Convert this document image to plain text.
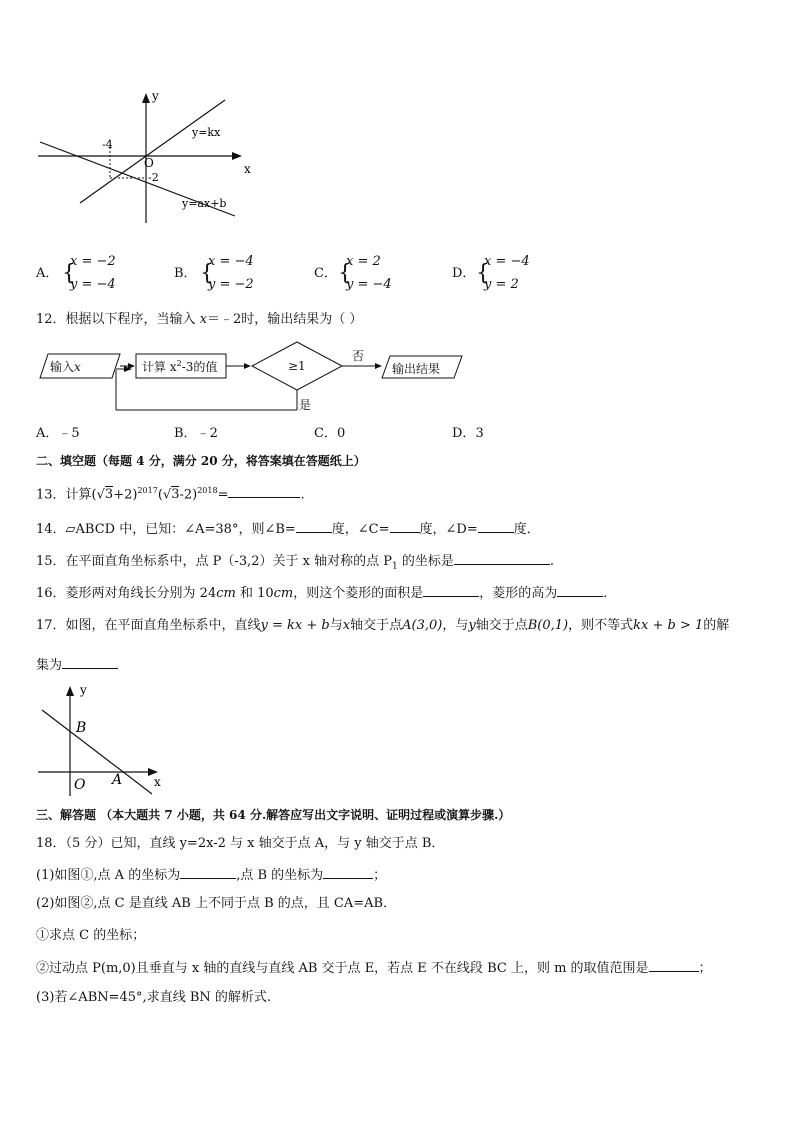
y
x
O
-4
-2
y=kx
y=ax+b
A． {
x = −2
y = −4
B． {
x = −4
y = −2
C． {
x = 2
y = −4
D． {
x = −4
y = 2
12．根据以下程序，当输入 x＝﹣2时，输出结果为（ ）
输入x	计算 $x^2-3$的值	≥1
否
是
输出结果
A．﹣5	B．﹣2	C．0	D．3
二、填空题（每题 4 分，满分 20 分，将答案填在答题纸上）
13．计算$(√3+2)^{2017}(√3-2)^{2018}=$	.
14．▱ABCD 中，已知：∠A=38°，则∠B=	度，∠C= 度，∠D=	度．
15．在平面直角坐标系中，点 P（-3,2）关于 x 轴对称的点 $P_1$ 的坐标是	.
16．菱形两对角线长分别为 24cm 和 10cm，则这个菱形的面积是	，菱形的高为	．
17．如图，在平面直角坐标系中，直线y = kx + b与x轴交于点A(3,0)，与y轴交于点B(0,1)，则不等式kx + b > 1的解
集为
y
x
B
O A
三、解答题 （本大题共 7 小题，共 64 分.解答应写出文字说明、证明过程或演算步骤.）
18．（5 分）已知，直线 y=2x-2 与 x 轴交于点 A，与 y 轴交于点 B．
(1)如图①,点 A 的坐标为	,点 B 的坐标为	；
(2)如图②,点 C 是直线 AB 上不同于点 B 的点，且 CA=AB．
①求点 C 的坐标；
②过动点 P(m,0)且垂直与 x 轴的直线与直线 AB 交于点 E，若点 E 不在线段 BC 上，则 m 的取值范围是	；
(3)若∠ABN=45°,求直线 BN 的解析式.
